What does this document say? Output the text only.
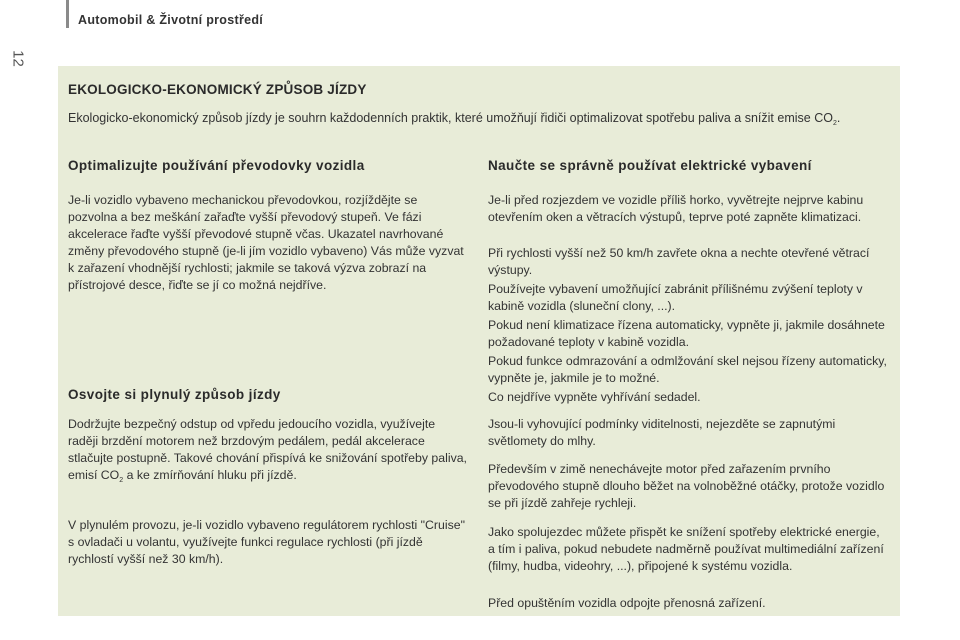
Automobil & Životní prostředí
12
EKOLOGICKO-EKONOMICKÝ ZPŮSOB JÍZDY
Ekologicko-ekonomický způsob jízdy je souhrn každodenních praktik, které umožňují řidiči optimalizovat spotřebu paliva a snížit emise $CO_2$.
Optimalizujte používání převodovky vozidla
Je-li vozidlo vybaveno mechanickou převodovkou, rozjíždějte se pozvolna a bez meškání zařaďte vyšší převodový stupeň. Ve fázi akcelerace řaďte vyšší převodové stupně včas. Ukazatel navrhované změny převodového stupně (je-li jím vozidlo vybaveno) Vás může vyzvat k zařazení vhodnější rychlosti; jakmile se taková výzva zobrazí na přístrojové desce, řiďte se jí co možná nejdříve.
Osvojte si plynulý způsob jízdy
Dodržujte bezpečný odstup od vpředu jedoucího vozidla, využívejte raději brzdění motorem než brzdovým pedálem, pedál akcelerace stlačujte postupně. Takové chování přispívá ke snižování spotřeby paliva, emisí $CO_2$ a ke zmírňování hluku při jízdě.
V plynulém provozu, je-li vozidlo vybaveno regulátorem rychlosti "Cruise" s ovladači u volantu, využívejte funkci regulace rychlosti (při jízdě rychlostí vyšší než 30 km/h).
Naučte se správně používat elektrické vybavení
Je-li před rozjezdem ve vozidle příliš horko, vyvětrejte nejprve kabinu otevřením oken a větracích výstupů, teprve poté zapněte klimatizaci.
Při rychlosti vyšší než 50 km/h zavřete okna a nechte otevřené větrací výstupy.
Používejte vybavení umožňující zabránit přílišnému zvýšení teploty v kabině vozidla (sluneční clony, ...).
Pokud není klimatizace řízena automaticky, vypněte ji, jakmile dosáhnete požadované teploty v kabině vozidla.
Pokud funkce odmrazování a odmlžování skel nejsou řízeny automaticky, vypněte je, jakmile je to možné.
Co nejdříve vypněte vyhřívání sedadel.
Jsou-li vyhovující podmínky viditelnosti, nejezděte se zapnutými světlomety do mlhy.
Především v zimě nenechávejte motor před zařazením prvního převodového stupně dlouho běžet na volnoběžné otáčky, protože vozidlo se při jízdě zahřeje rychleji.
Jako spolujezdec můžete přispět ke snížení spotřeby elektrické energie, a tím i paliva, pokud nebudete nadměrně používat multimediální zařízení (filmy, hudba, videohry, ...), připojené k systému vozidla.
Před opuštěním vozidla odpojte přenosná zařízení.
